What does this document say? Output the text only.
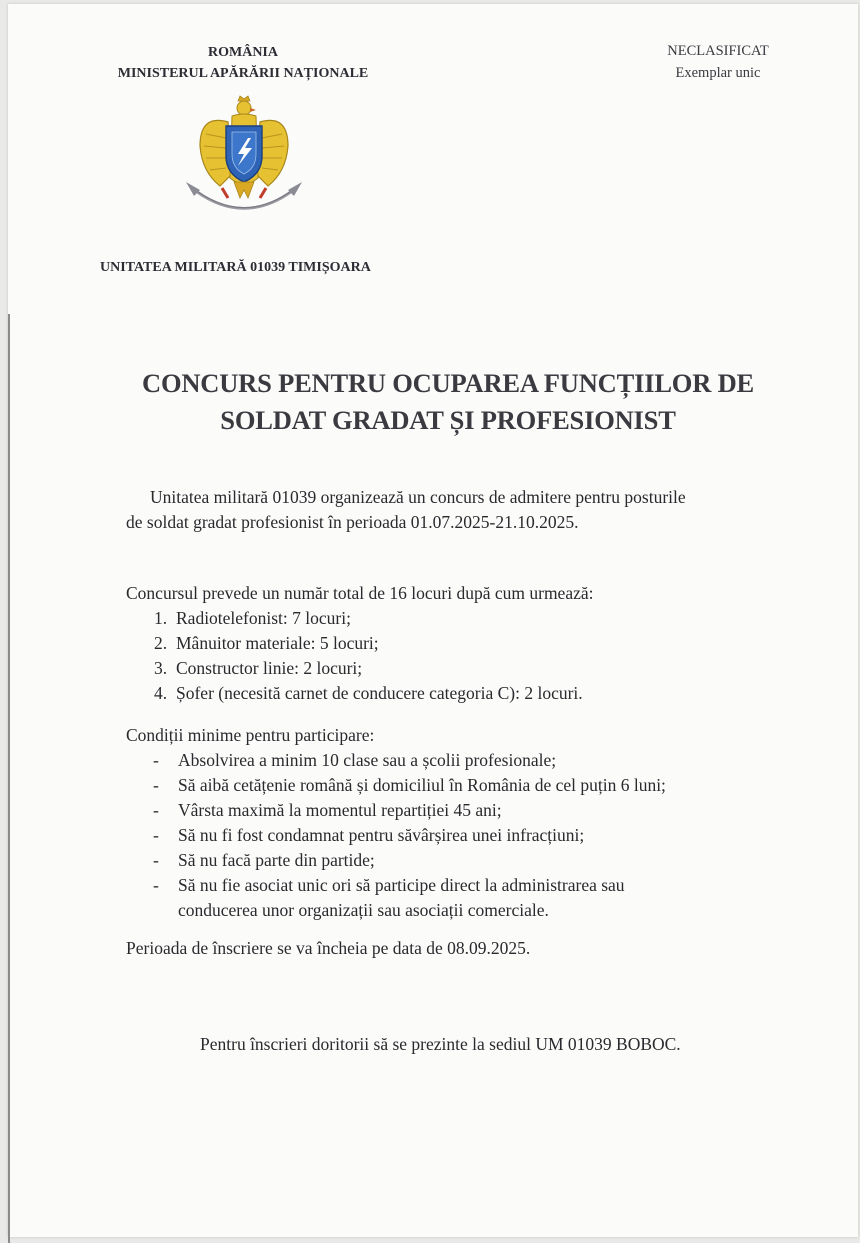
ROMÂNIA
MINISTERUL APĂRĂRII NAȚIONALE
NECLASIFICAT
Exemplar unic
UNITATEA MILITARĂ 01039 TIMIȘOARA
CONCURS PENTRU OCUPAREA FUNCȚIILOR DE
SOLDAT GRADAT ȘI PROFESIONIST
Unitatea militară 01039 organizează un concurs de admitere pentru posturile
de soldat gradat profesionist în perioada 01.07.2025-21.10.2025.
Concursul prevede un număr total de 16 locuri după cum urmează:
1. Radiotelefonist: 7 locuri;
2. Mânuitor materiale: 5 locuri;
3. Constructor linie: 2 locuri;
4. Șofer (necesită carnet de conducere categoria C): 2 locuri.
Condiții minime pentru participare:
- Absolvirea a minim 10 clase sau a școlii profesionale;
- Să aibă cetățenie română și domiciliul în România de cel puțin 6 luni;
- Vârsta maximă la momentul repartiției 45 ani;
- Să nu fi fost condamnat pentru săvârșirea unei infracțiuni;
- Să nu facă parte din partide;
- Să nu fie asociat unic ori să participe direct la administrarea sau
conducerea unor organizații sau asociații comerciale.
Perioada de înscriere se va încheia pe data de 08.09.2025.
Pentru înscrieri doritorii să se prezinte la sediul UM 01039 BOBOC.
